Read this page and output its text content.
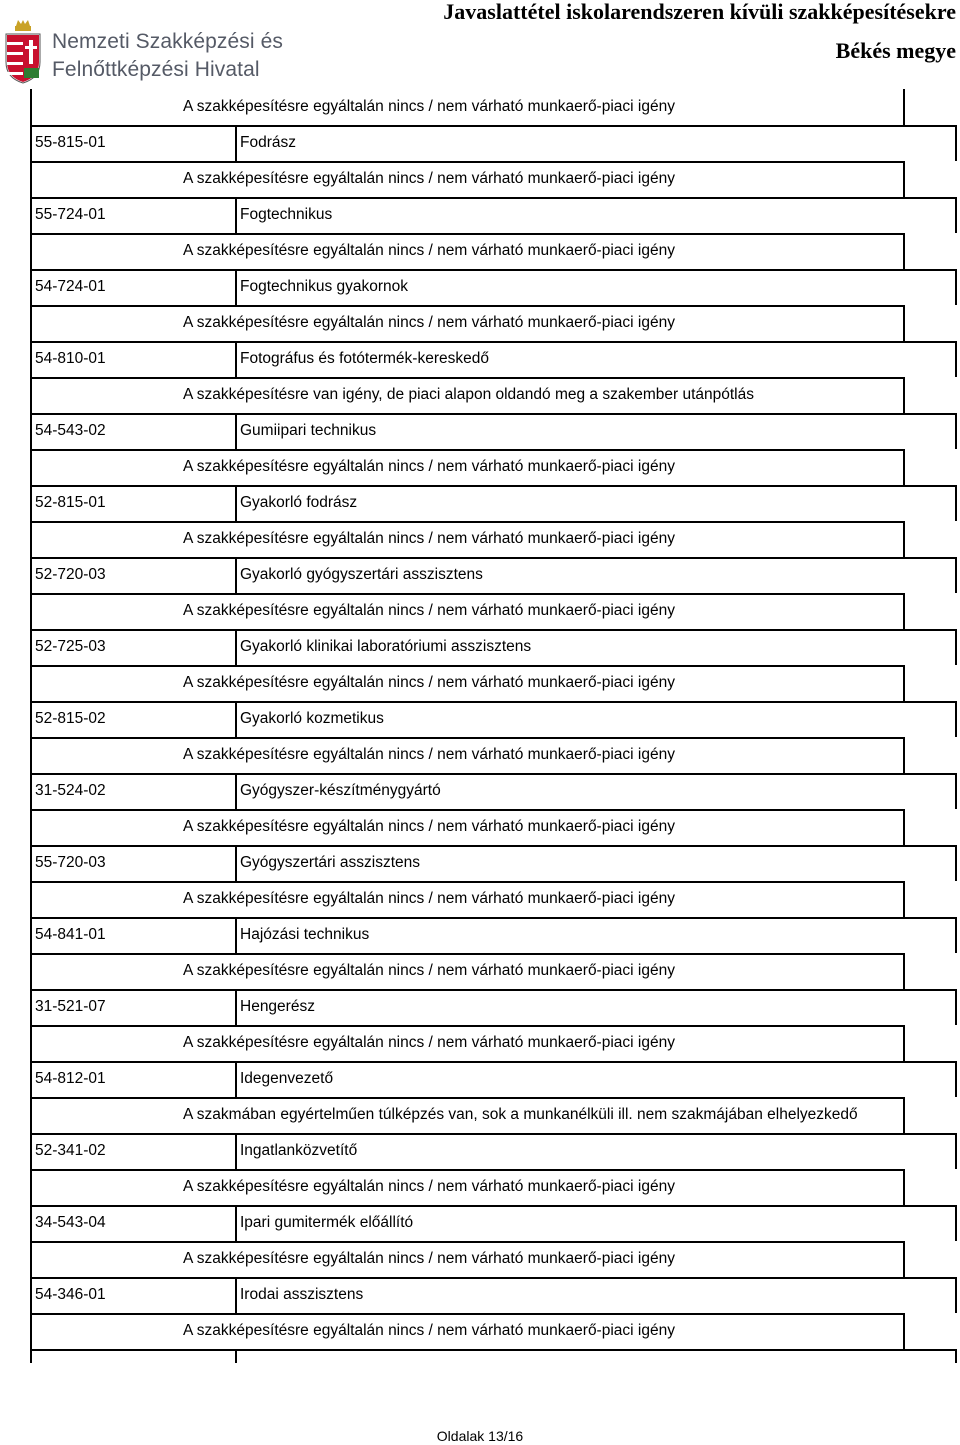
Nemzeti Szakképzési és
Felnőttképzési Hivatal
Javaslattétel iskolarendszeren kívüli szakképesítésekre
Békés megye
A szakképesítésre egyáltalán nincs / nem várható munkaerő-piaci igény
55-815-01	Fodrász
A szakképesítésre egyáltalán nincs / nem várható munkaerő-piaci igény
55-724-01	Fogtechnikus
A szakképesítésre egyáltalán nincs / nem várható munkaerő-piaci igény
54-724-01	Fogtechnikus gyakornok
A szakképesítésre egyáltalán nincs / nem várható munkaerő-piaci igény
54-810-01	Fotográfus és fotótermék-kereskedő
A szakképesítésre van igény, de piaci alapon oldandó meg a szakember utánpótlás
54-543-02	Gumiipari technikus
A szakképesítésre egyáltalán nincs / nem várható munkaerő-piaci igény
52-815-01	Gyakorló fodrász
A szakképesítésre egyáltalán nincs / nem várható munkaerő-piaci igény
52-720-03	Gyakorló gyógyszertári asszisztens
A szakképesítésre egyáltalán nincs / nem várható munkaerő-piaci igény
52-725-03	Gyakorló klinikai laboratóriumi asszisztens
A szakképesítésre egyáltalán nincs / nem várható munkaerő-piaci igény
52-815-02	Gyakorló kozmetikus
A szakképesítésre egyáltalán nincs / nem várható munkaerő-piaci igény
31-524-02	Gyógyszer-készítménygyártó
A szakképesítésre egyáltalán nincs / nem várható munkaerő-piaci igény
55-720-03	Gyógyszertári asszisztens
A szakképesítésre egyáltalán nincs / nem várható munkaerő-piaci igény
54-841-01	Hajózási technikus
A szakképesítésre egyáltalán nincs / nem várható munkaerő-piaci igény
31-521-07	Hengerész
A szakképesítésre egyáltalán nincs / nem várható munkaerő-piaci igény
54-812-01	Idegenvezető
A szakmában egyértelműen túlképzés van, sok a munkanélküli ill. nem szakmájában elhelyezkedő
52-341-02	Ingatlanközvetítő
A szakképesítésre egyáltalán nincs / nem várható munkaerő-piaci igény
34-543-04	Ipari gumitermék előállító
A szakképesítésre egyáltalán nincs / nem várható munkaerő-piaci igény
54-346-01	Irodai asszisztens
A szakképesítésre egyáltalán nincs / nem várható munkaerő-piaci igény
Oldalak 13/16
